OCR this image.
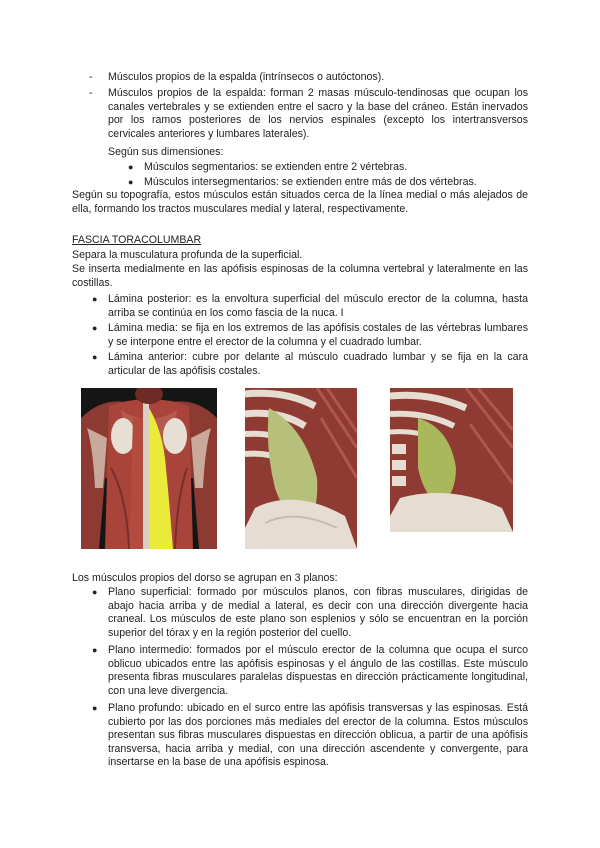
- Músculos propios de la espalda (intrínsecos o autóctonos).

- Músculos propios de la espalda: forman 2 masas músculo-tendinosas que ocupan los canales vertebrales y se extienden entre el sacro y la base del cráneo. Están inervados por los ramos posteriores de los nervios espinales (excepto los intertransversos cervicales anteriores y lumbares laterales).

Según sus dimensiones:

● Músculos segmentarios: se extienden entre 2 vértebras.

● Músculos intersegmentarios: se extienden entre más de dos vértebras.

Según su topografía, estos músculos están situados cerca de la línea medial o más alejados de ella, formando los tractos musculares medial y lateral, respectivamente.

FASCIA TORACOLUMBAR

Separa la musculatura profunda de la superficial.

Se inserta medialmente en las apófisis espinosas de la columna vertebral y lateralmente en las costillas.

● Lámina posterior: es la envoltura superficial del músculo erector de la columna, hasta arriba se continúa en los como fascia de la nuca. I

● Lámina media: se fija en los extremos de las apófisis costales de las vértebras lumbares y se interpone entre el erector de la columna y el cuadrado lumbar.

● Lámina anterior: cubre por delante al músculo cuadrado lumbar y se fija en la cara articular de las apófisis costales.

Los músculos propios del dorso se agrupan en 3 planos:

● Plano superficial: formado por músculos planos, con fibras musculares, dirigidas de abajo hacia arriba y de medial a lateral, es decir con una dirección divergente hacia craneal. Los músculos de este plano son esplenios y sólo se encuentran en la porción superior del tórax y en la región posterior del cuello.

● Plano intermedio: formados por el músculo erector de la columna que ocupa el surco oblicuo ubicados entre las apófisis espinosas y el ángulo de las costillas. Este músculo presenta fibras musculares paralelas dispuestas en dirección prácticamente longitudinal, con una leve divergencia.

● Plano profundo: ubicado en el surco entre las apófisis transversas y las espinosas. Está cubierto por las dos porciones más mediales del erector de la columna. Estos músculos presentan sus fibras musculares dispuestas en dirección oblicua, a partir de una apófisis transversa, hacia arriba y medial, con una dirección ascendente y convergente, para insertarse en la base de una apófisis espinosa.
